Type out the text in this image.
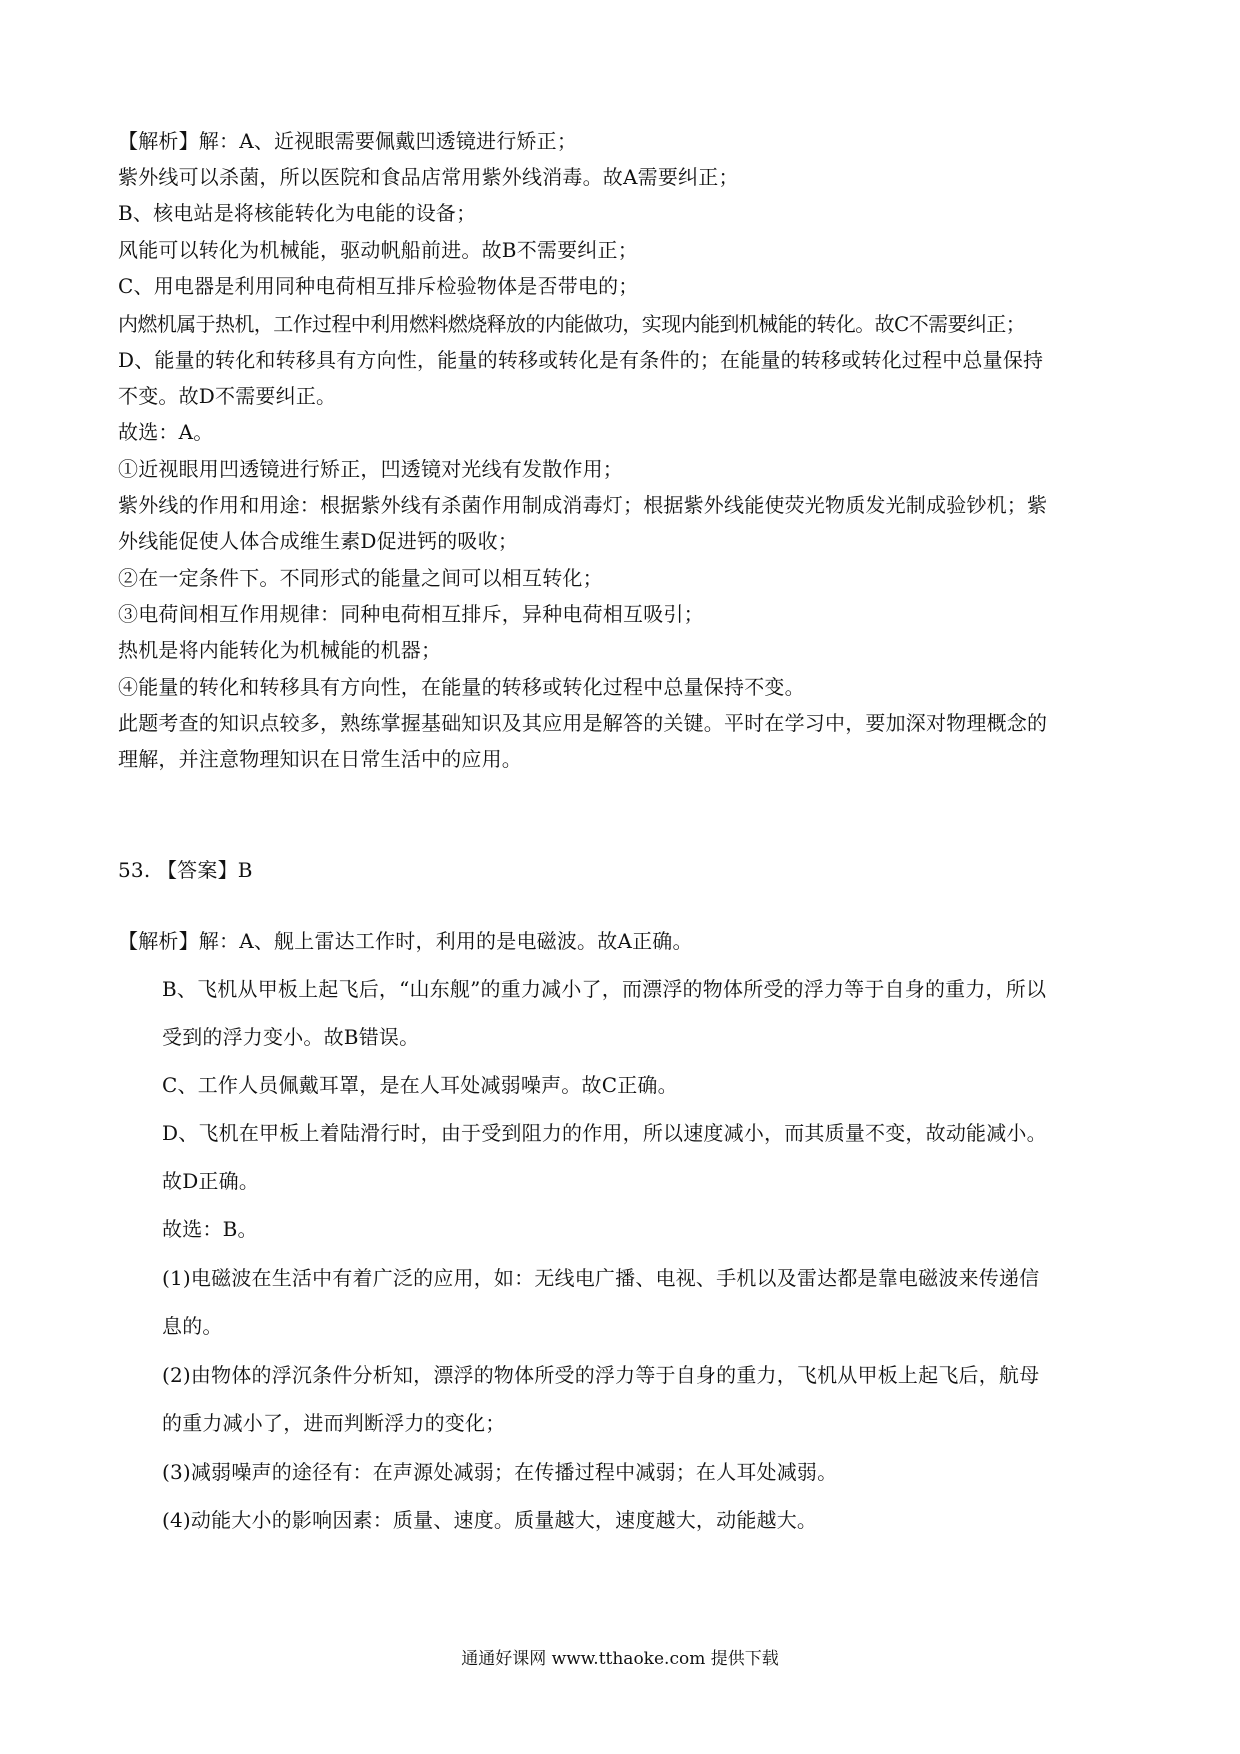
【解析】解：A、近视眼需要佩戴凹透镜进行矫正；
紫外线可以杀菌，所以医院和食品店常用紫外线消毒。故A需要纠正；
B、核电站是将核能转化为电能的设备；
风能可以转化为机械能，驱动帆船前进。故B不需要纠正；
C、用电器是利用同种电荷相互排斥检验物体是否带电的；
内燃机属于热机，工作过程中利用燃料燃烧释放的内能做功，实现内能到机械能的转化。故C不需要纠正；
D、能量的转化和转移具有方向性，能量的转移或转化是有条件的；在能量的转移或转化过程中总量保持
不变。故D不需要纠正。
故选：A。
①近视眼用凹透镜进行矫正，凹透镜对光线有发散作用；
紫外线的作用和用途：根据紫外线有杀菌作用制成消毒灯；根据紫外线能使荧光物质发光制成验钞机；紫
外线能促使人体合成维生素D促进钙的吸收；
②在一定条件下。不同形式的能量之间可以相互转化；
③电荷间相互作用规律：同种电荷相互排斥，异种电荷相互吸引；
热机是将内能转化为机械能的机器；
④能量的转化和转移具有方向性，在能量的转移或转化过程中总量保持不变。
此题考查的知识点较多，熟练掌握基础知识及其应用是解答的关键。平时在学习中，要加深对物理概念的
理解，并注意物理知识在日常生活中的应用。
53. 【答案】B
【解析】解：A、舰上雷达工作时，利用的是电磁波。故A正确。
B、飞机从甲板上起飞后，“山东舰”的重力减小了，而漂浮的物体所受的浮力等于自身的重力，所以
受到的浮力变小。故B错误。
C、工作人员佩戴耳罩，是在人耳处减弱噪声。故C正确。
D、飞机在甲板上着陆滑行时，由于受到阻力的作用，所以速度减小，而其质量不变，故动能减小。
故D正确。
故选：B。
(1)电磁波在生活中有着广泛的应用，如：无线电广播、电视、手机以及雷达都是靠电磁波来传递信
息的。
(2)由物体的浮沉条件分析知，漂浮的物体所受的浮力等于自身的重力，飞机从甲板上起飞后，航母
的重力减小了，进而判断浮力的变化；
(3)减弱噪声的途径有：在声源处减弱；在传播过程中减弱；在人耳处减弱。
(4)动能大小的影响因素：质量、速度。质量越大，速度越大，动能越大。
通通好课网 www.tthaoke.com 提供下载
